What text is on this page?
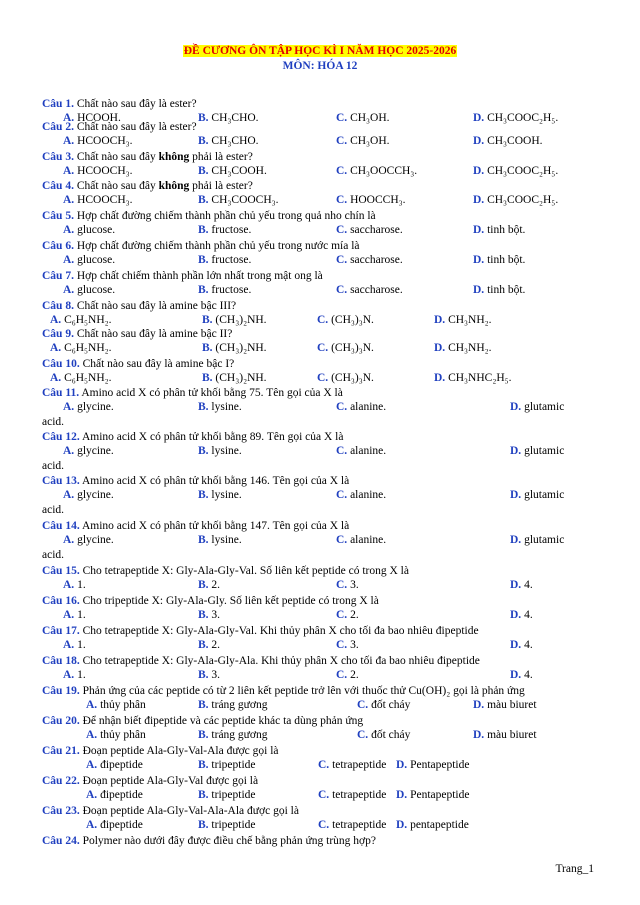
ĐỀ CƯƠNG ÔN TẬP HỌC KÌ I NĂM HỌC 2025-2026
MÔN: HÓA 12
Câu 1. Chất nào sau đây là ester?
A. HCOOH.	B. CH₃CHO.	C. CH₃OH.	D. CH₃COOC₂H₅.
Câu 2. Chất nào sau đây là ester?
A. HCOOCH₃.	B. CH₃CHO.	C. CH₃OH.	D. CH₃COOH.
Câu 3. Chất nào sau đây không phải là ester?
A. HCOOCH₃.	B. CH₃COOH.	C. CH₃OOCCH₃.	D. CH₃COOC₂H₅.
Câu 4. Chất nào sau đây không phải là ester?
A. HCOOCH₃.	B. CH₃COOCH₃.	C. HOOCCH₃.	D. CH₃COOC₂H₅.
Câu 5. Hợp chất đường chiếm thành phần chủ yếu trong quả nho chín là
A. glucose.	B. fructose.	C. saccharose.	D. tinh bột.
Câu 6. Hợp chất đường chiếm thành phần chủ yếu trong nước mía là
A. glucose.	B. fructose.	C. saccharose.	D. tinh bột.
Câu 7. Hợp chất chiếm thành phần lớn nhất trong mật ong là
A. glucose.	B. fructose.	C. saccharose.	D. tinh bột.
Câu 8. Chất nào sau đây là amine bậc III?
A. C₆H₅NH₂.	B. (CH₃)₂NH.	C. (CH₃)₃N.	D. CH₃NH₂.
Câu 9. Chất nào sau đây là amine bậc II?
A. C₆H₅NH₂.	B. (CH₃)₂NH.	C. (CH₃)₃N.	D. CH₃NH₂.
Câu 10. Chất nào sau đây là amine bậc I?
A. C₆H₅NH₂.	B. (CH₃)₂NH.	C. (CH₃)₃N.	D. CH₃NHC₂H₅.
Câu 11. Amino acid X có phân tử khối bằng 75. Tên gọi của X là
A. glycine.	B. lysine.	C. alanine.	D. glutamic
acid.
Câu 12. Amino acid X có phân tử khối bằng 89. Tên gọi của X là
A. glycine.	B. lysine.	C. alanine.	D. glutamic
acid.
Câu 13. Amino acid X có phân tử khối bằng 146. Tên gọi của X là
A. glycine.	B. lysine.	C. alanine.	D. glutamic
acid.
Câu 14. Amino acid X có phân tử khối bằng 147. Tên gọi của X là
A. glycine.	B. lysine.	C. alanine.	D. glutamic
acid.
Câu 15. Cho tetrapeptide X: Gly-Ala-Gly-Val. Số liên kết peptide có trong X là
A. 1.	B. 2.	C. 3.	D. 4.
Câu 16. Cho tripeptide X: Gly-Ala-Gly. Số liên kết peptide có trong X là
A. 1.	B. 3.	C. 2.	D. 4.
Câu 17. Cho tetrapeptide X: Gly-Ala-Gly-Val. Khi thủy phân X cho tối đa bao nhiêu đipeptide
A. 1.	B. 2.	C. 3.	D. 4.
Câu 18. Cho tetrapeptide X: Gly-Ala-Gly-Ala. Khi thủy phân X cho tối đa bao nhiêu đipeptide
A. 1.	B. 3.	C. 2.	D. 4.
Câu 19. Phản ứng của các peptide có từ 2 liên kết peptide trở lên với thuốc thử Cu(OH)₂ gọi là phản ứng
A. thủy phân	B. tráng gương	C. đốt cháy	D. màu biuret
Câu 20. Để nhận biết đipeptide và các peptide khác ta dùng phản ứng
A. thủy phân	B. tráng gương	C. đốt cháy	D. màu biuret
Câu 21. Đoạn peptide Ala-Gly-Val-Ala được gọi là
A. đipeptide	B. tripeptide	C. tetrapeptide D. Pentapeptide
Câu 22. Đoạn peptide Ala-Gly-Val được gọi là
A. đipeptide	B. tripeptide	C. tetrapeptide D. Pentapeptide
Câu 23. Đoạn peptide Ala-Gly-Val-Ala-Ala được gọi là
A. đipeptide	B. tripeptide	C. tetrapeptide D. pentapeptide
Câu 24. Polymer nào dưới đây được điều chế bằng phản ứng trùng hợp?
Trang_1
